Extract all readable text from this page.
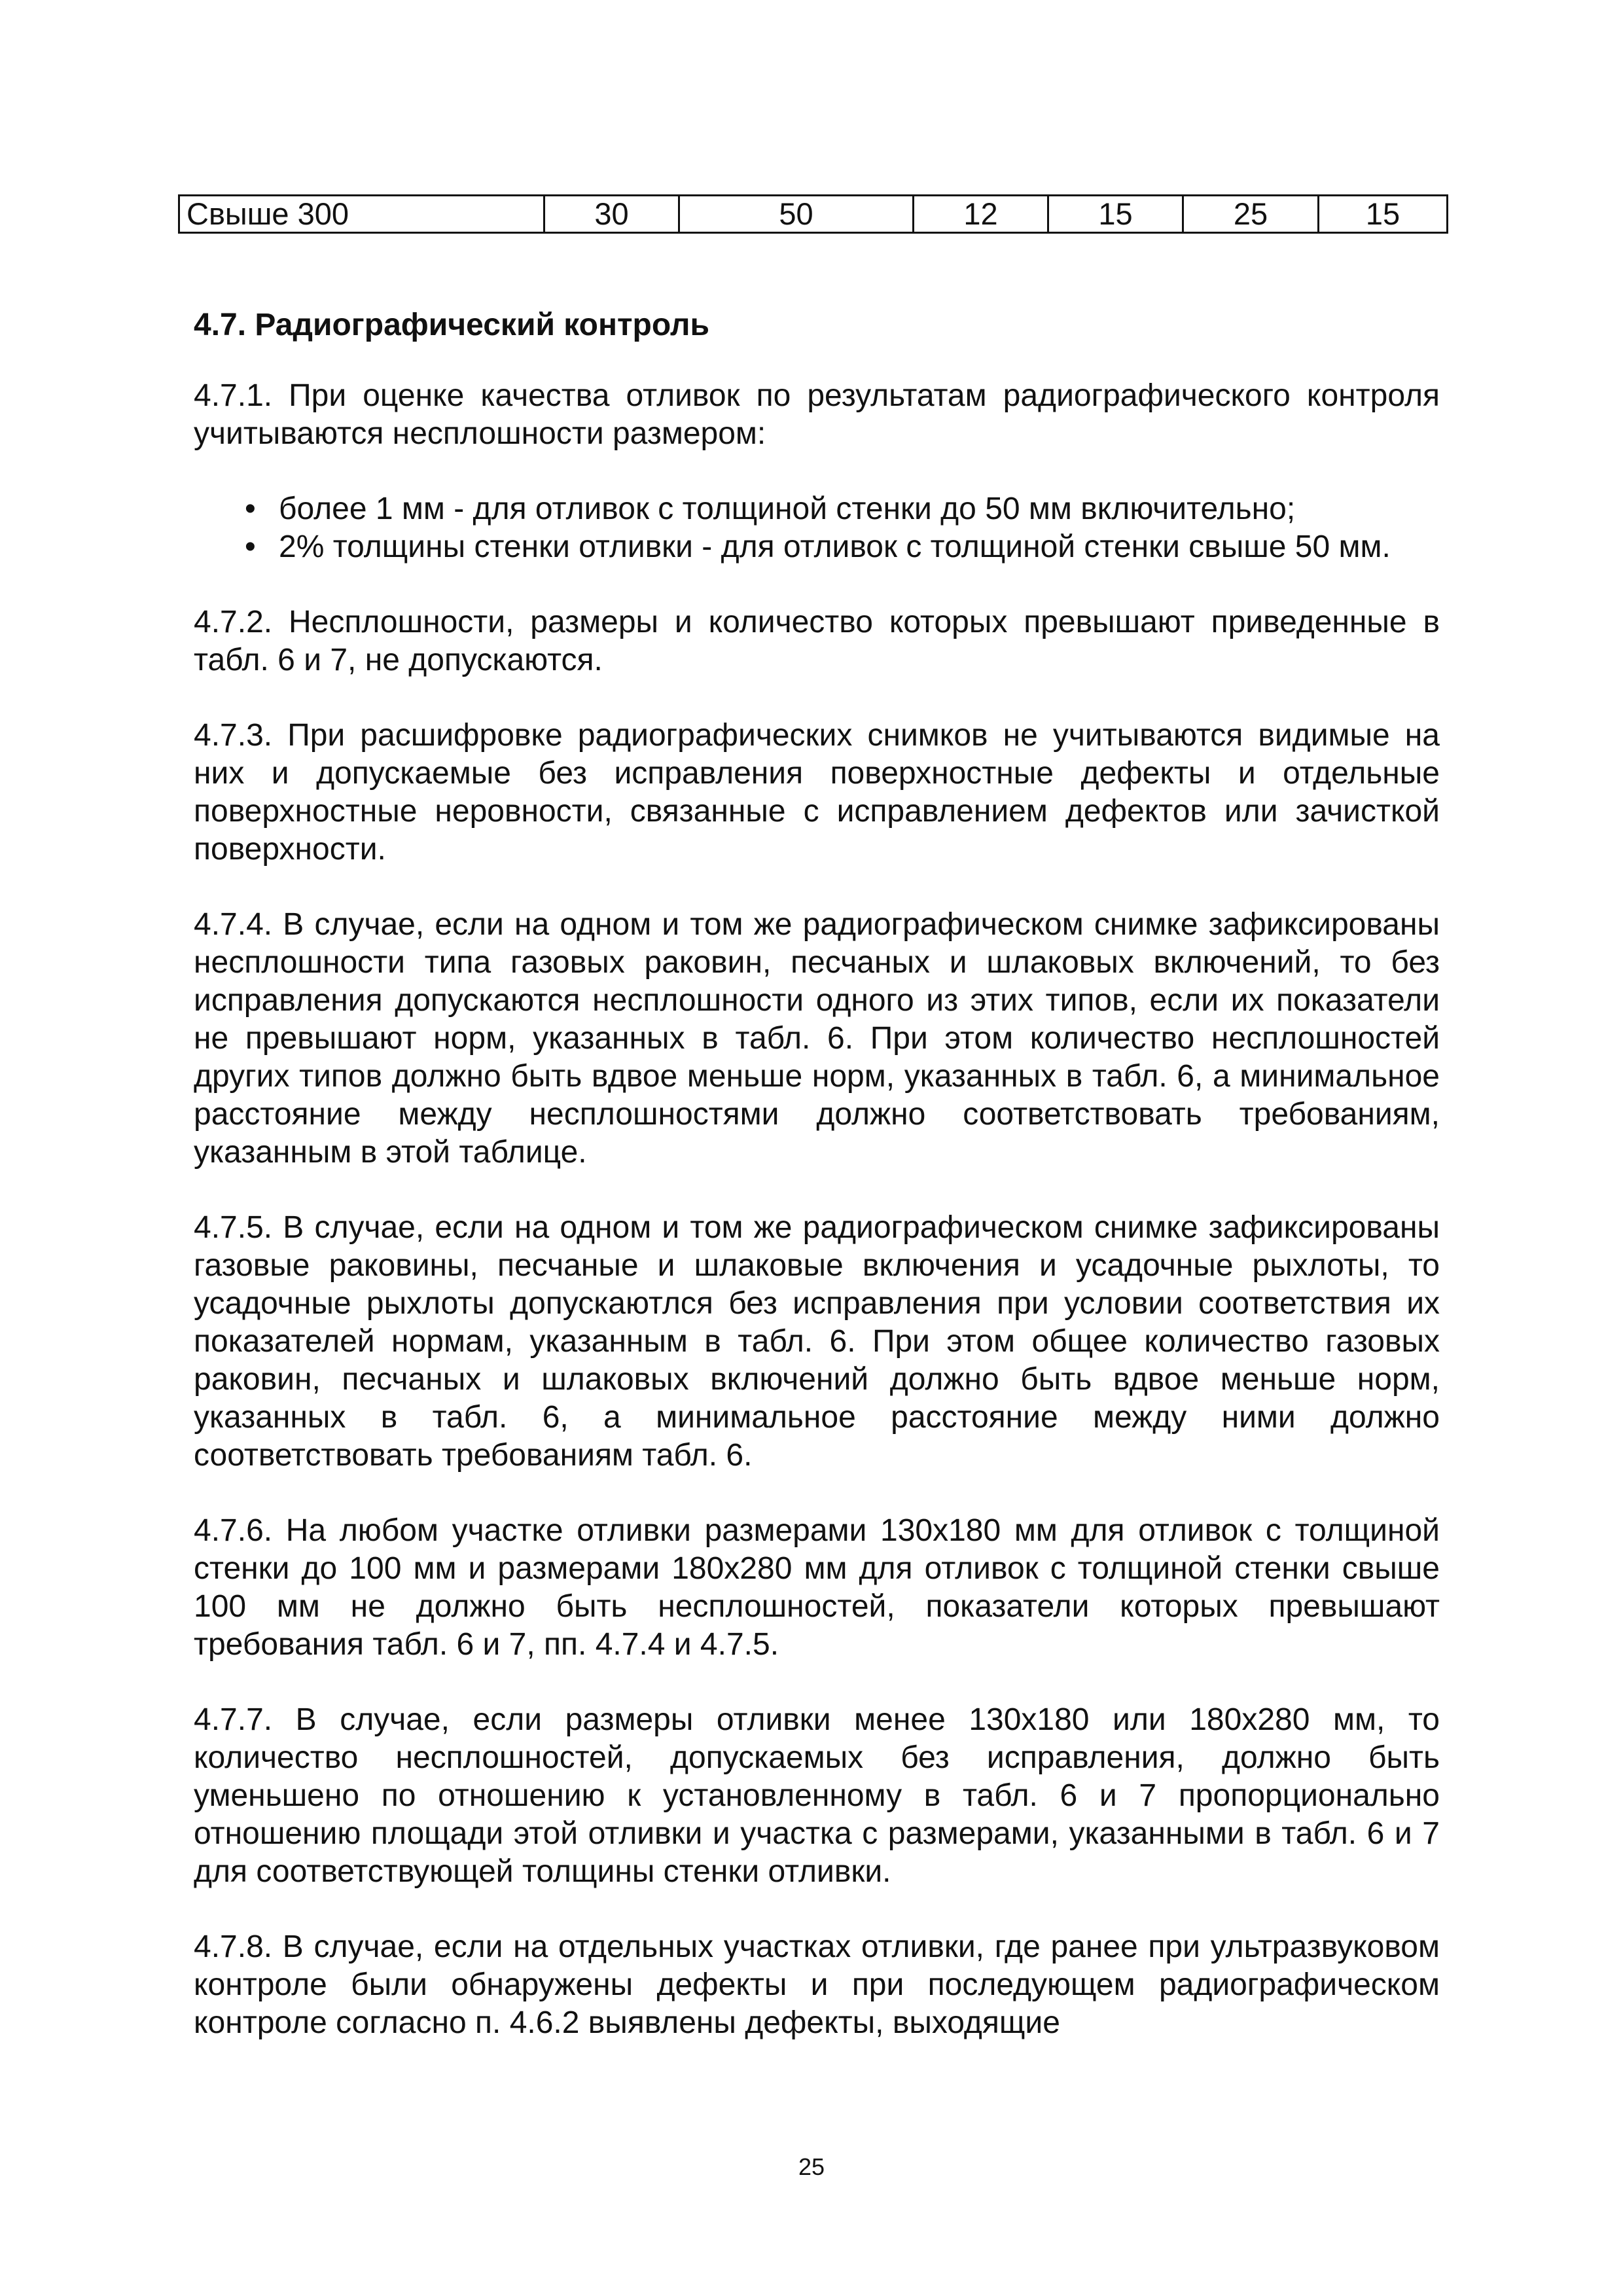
Свыше 300	30	50	12	15	25	15
4.7. Радиографический контроль

4.7.1. При оценке качества отливок по результатам радиографического контроля учитываются несплошности размером:

• более 1 мм - для отливок с толщиной стенки до 50 мм включительно;
• 2% толщины стенки отливки - для отливок с толщиной стенки свыше 50 мм.

4.7.2. Несплошности, размеры и количество которых превышают приведенные в табл. 6 и 7, не допускаются.

4.7.3. При расшифровке радиографических снимков не учитываются видимые на них и допускаемые без исправления поверхностные дефекты и отдельные поверхностные неровности, связанные с исправлением дефектов или зачисткой поверхности.

4.7.4. В случае, если на одном и том же радиографическом снимке зафиксированы несплошности типа газовых раковин, песчаных и шлаковых включений, то без исправления допускаются несплошности одного из этих типов, если их показатели не превышают норм, указанных в табл. 6. При этом количество несплошностей других типов должно быть вдвое меньше норм, указанных в табл. 6, а минимальное расстояние между несплошностями должно соответствовать требованиям, указанным в этой таблице.

4.7.5. В случае, если на одном и том же радиографическом снимке зафиксированы газовые раковины, песчаные и шлаковые включения и усадочные рыхлоты, то усадочные рыхлоты допускаютлся без исправления при условии соответствия их показателей нормам, указанным в табл. 6. При этом общее количество газовых раковин, песчаных и шлаковых включений должно быть вдвое меньше норм, указанных в табл. 6, а минимальное расстояние между ними должно соответствовать требованиям табл. 6.

4.7.6. На любом участке отливки размерами 130х180 мм для отливок с толщиной стенки до 100 мм и размерами 180х280 мм для отливок с толщиной стенки свыше 100 мм не должно быть несплошностей, показатели которых превышают требования табл. 6 и 7, пп. 4.7.4 и 4.7.5.

4.7.7. В случае, если размеры отливки менее 130х180 или 180х280 мм, то количество несплошностей, допускаемых без исправления, должно быть уменьшено по отношению к установленному в табл. 6 и 7 пропорционально отношению площади этой отливки и участка с размерами, указанными в табл. 6 и 7 для соответствующей толщины стенки отливки.

4.7.8. В случае, если на отдельных участках отливки, где ранее при ультразвуковом контроле были обнаружены дефекты и при последующем радиографическом контроле согласно п. 4.6.2 выявлены дефекты, выходящие

25
